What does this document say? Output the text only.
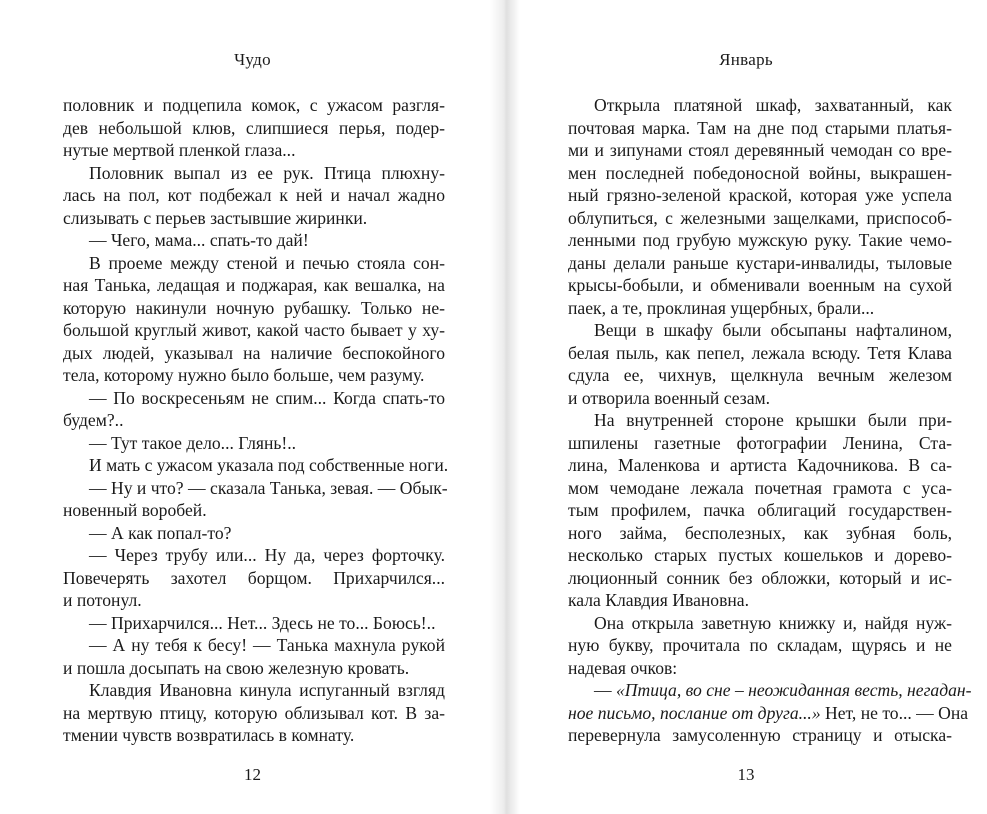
Чудо
половник и подцепила комок, с ужасом разгля-
дев небольшой клюв, слипшиеся перья, подер-
нутые мертвой пленкой глаза...
Половник выпал из ее рук. Птица плюхну-
лась на пол, кот подбежал к ней и начал жадно
слизывать с перьев застывшие жиринки.
— Чего, мама... спать-то дай!
В проеме между стеной и печью стояла сон-
ная Танька, ледащая и поджарая, как вешалка, на
которую накинули ночную рубашку. Только не-
большой круглый живот, какой часто бывает у ху-
дых людей, указывал на наличие беспокойного
тела, которому нужно было больше, чем разуму.
— По воскресеньям не спим... Когда спать-то
будем?..
— Тут такое дело... Глянь!..
И мать с ужасом указала под собственные ноги.
— Ну и что? — сказала Танька, зевая. — Обык-
новенный воробей.
— А как попал-то?
— Через трубу или... Ну да, через форточку.
Повечерять захотел борщом. Прихарчился...
и потонул.
— Прихарчился... Нет... Здесь не то... Боюсь!..
— А ну тебя к бесу! — Танька махнула рукой
и пошла досыпать на свою железную кровать.
Клавдия Ивановна кинула испуганный взгляд
на мертвую птицу, которую облизывал кот. В за-
тмении чувств возвратилась в комнату.
12
Январь
Открыла платяной шкаф, захватанный, как
почтовая марка. Там на дне под старыми платья-
ми и зипунами стоял деревянный чемодан со вре-
мен последней победоносной войны, выкрашен-
ный грязно-зеленой краской, которая уже успела
облупиться, с железными защелками, приспособ-
ленными под грубую мужскую руку. Такие чемо-
даны делали раньше кустари-инвалиды, тыловые
крысы-бобыли, и обменивали военным на сухой
паек, а те, проклиная ущербных, брали...
Вещи в шкафу были обсыпаны нафталином,
белая пыль, как пепел, лежала всюду. Тетя Клава
сдула ее, чихнув, щелкнула вечным железом
и отворила военный сезам.
На внутренней стороне крышки были при-
шпилены газетные фотографии Ленина, Ста-
лина, Маленкова и артиста Кадочникова. В са-
мом чемодане лежала почетная грамота с уса-
тым профилем, пачка облигаций государствен-
ного займа, бесполезных, как зубная боль,
несколько старых пустых кошельков и дорево-
люционный сонник без обложки, который и ис-
кала Клавдия Ивановна.
Она открыла заветную книжку и, найдя нуж-
ную букву, прочитала по складам, щурясь и не
надевая очков:
— «Птица, во сне – неожиданная весть, негадан-
ное письмо, послание от друга...» Нет, не то... — Она
перевернула замусоленную страницу и отыска-
13
